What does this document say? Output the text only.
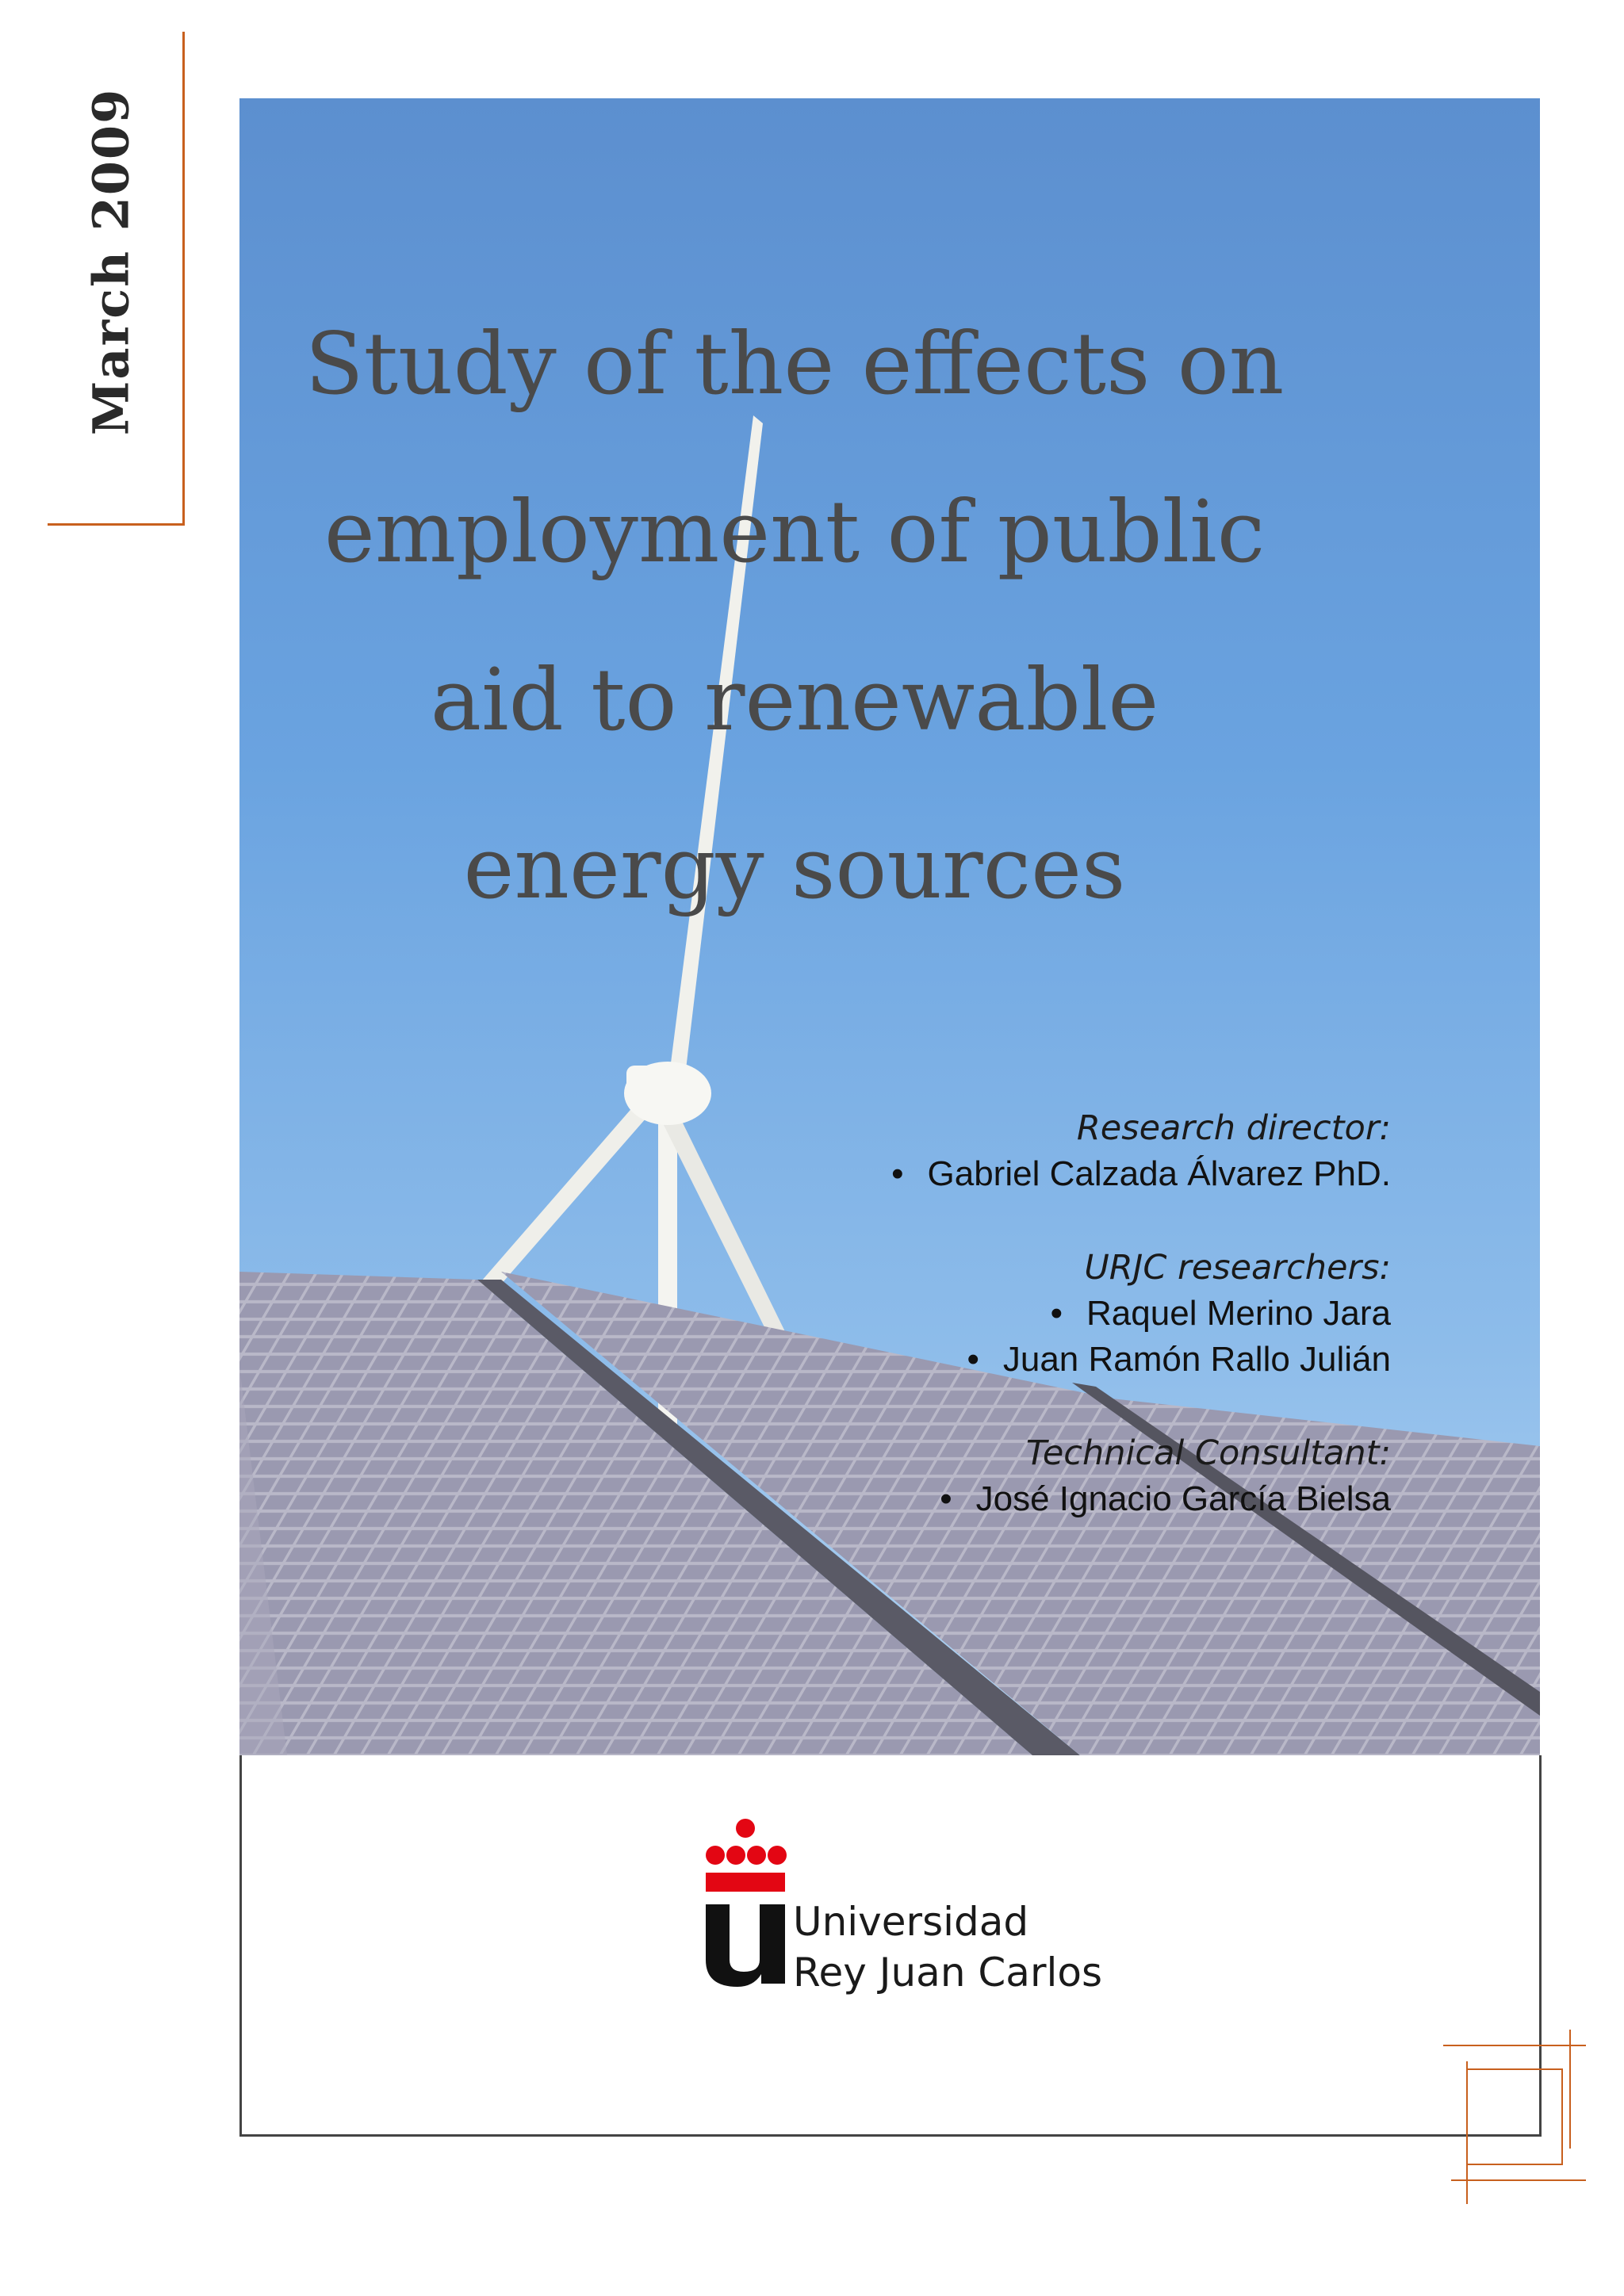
March 2009 Study of the effects on employment of public aid to renewable energy sources
Research director:
• Gabriel Calzada Álvarez PhD.
URJC researchers:
• Raquel Merino Jara
• Juan Ramón Rallo Julián
Technical Consultant:
• José Ignacio García Bielsa
Universidad
Rey Juan Carlos
